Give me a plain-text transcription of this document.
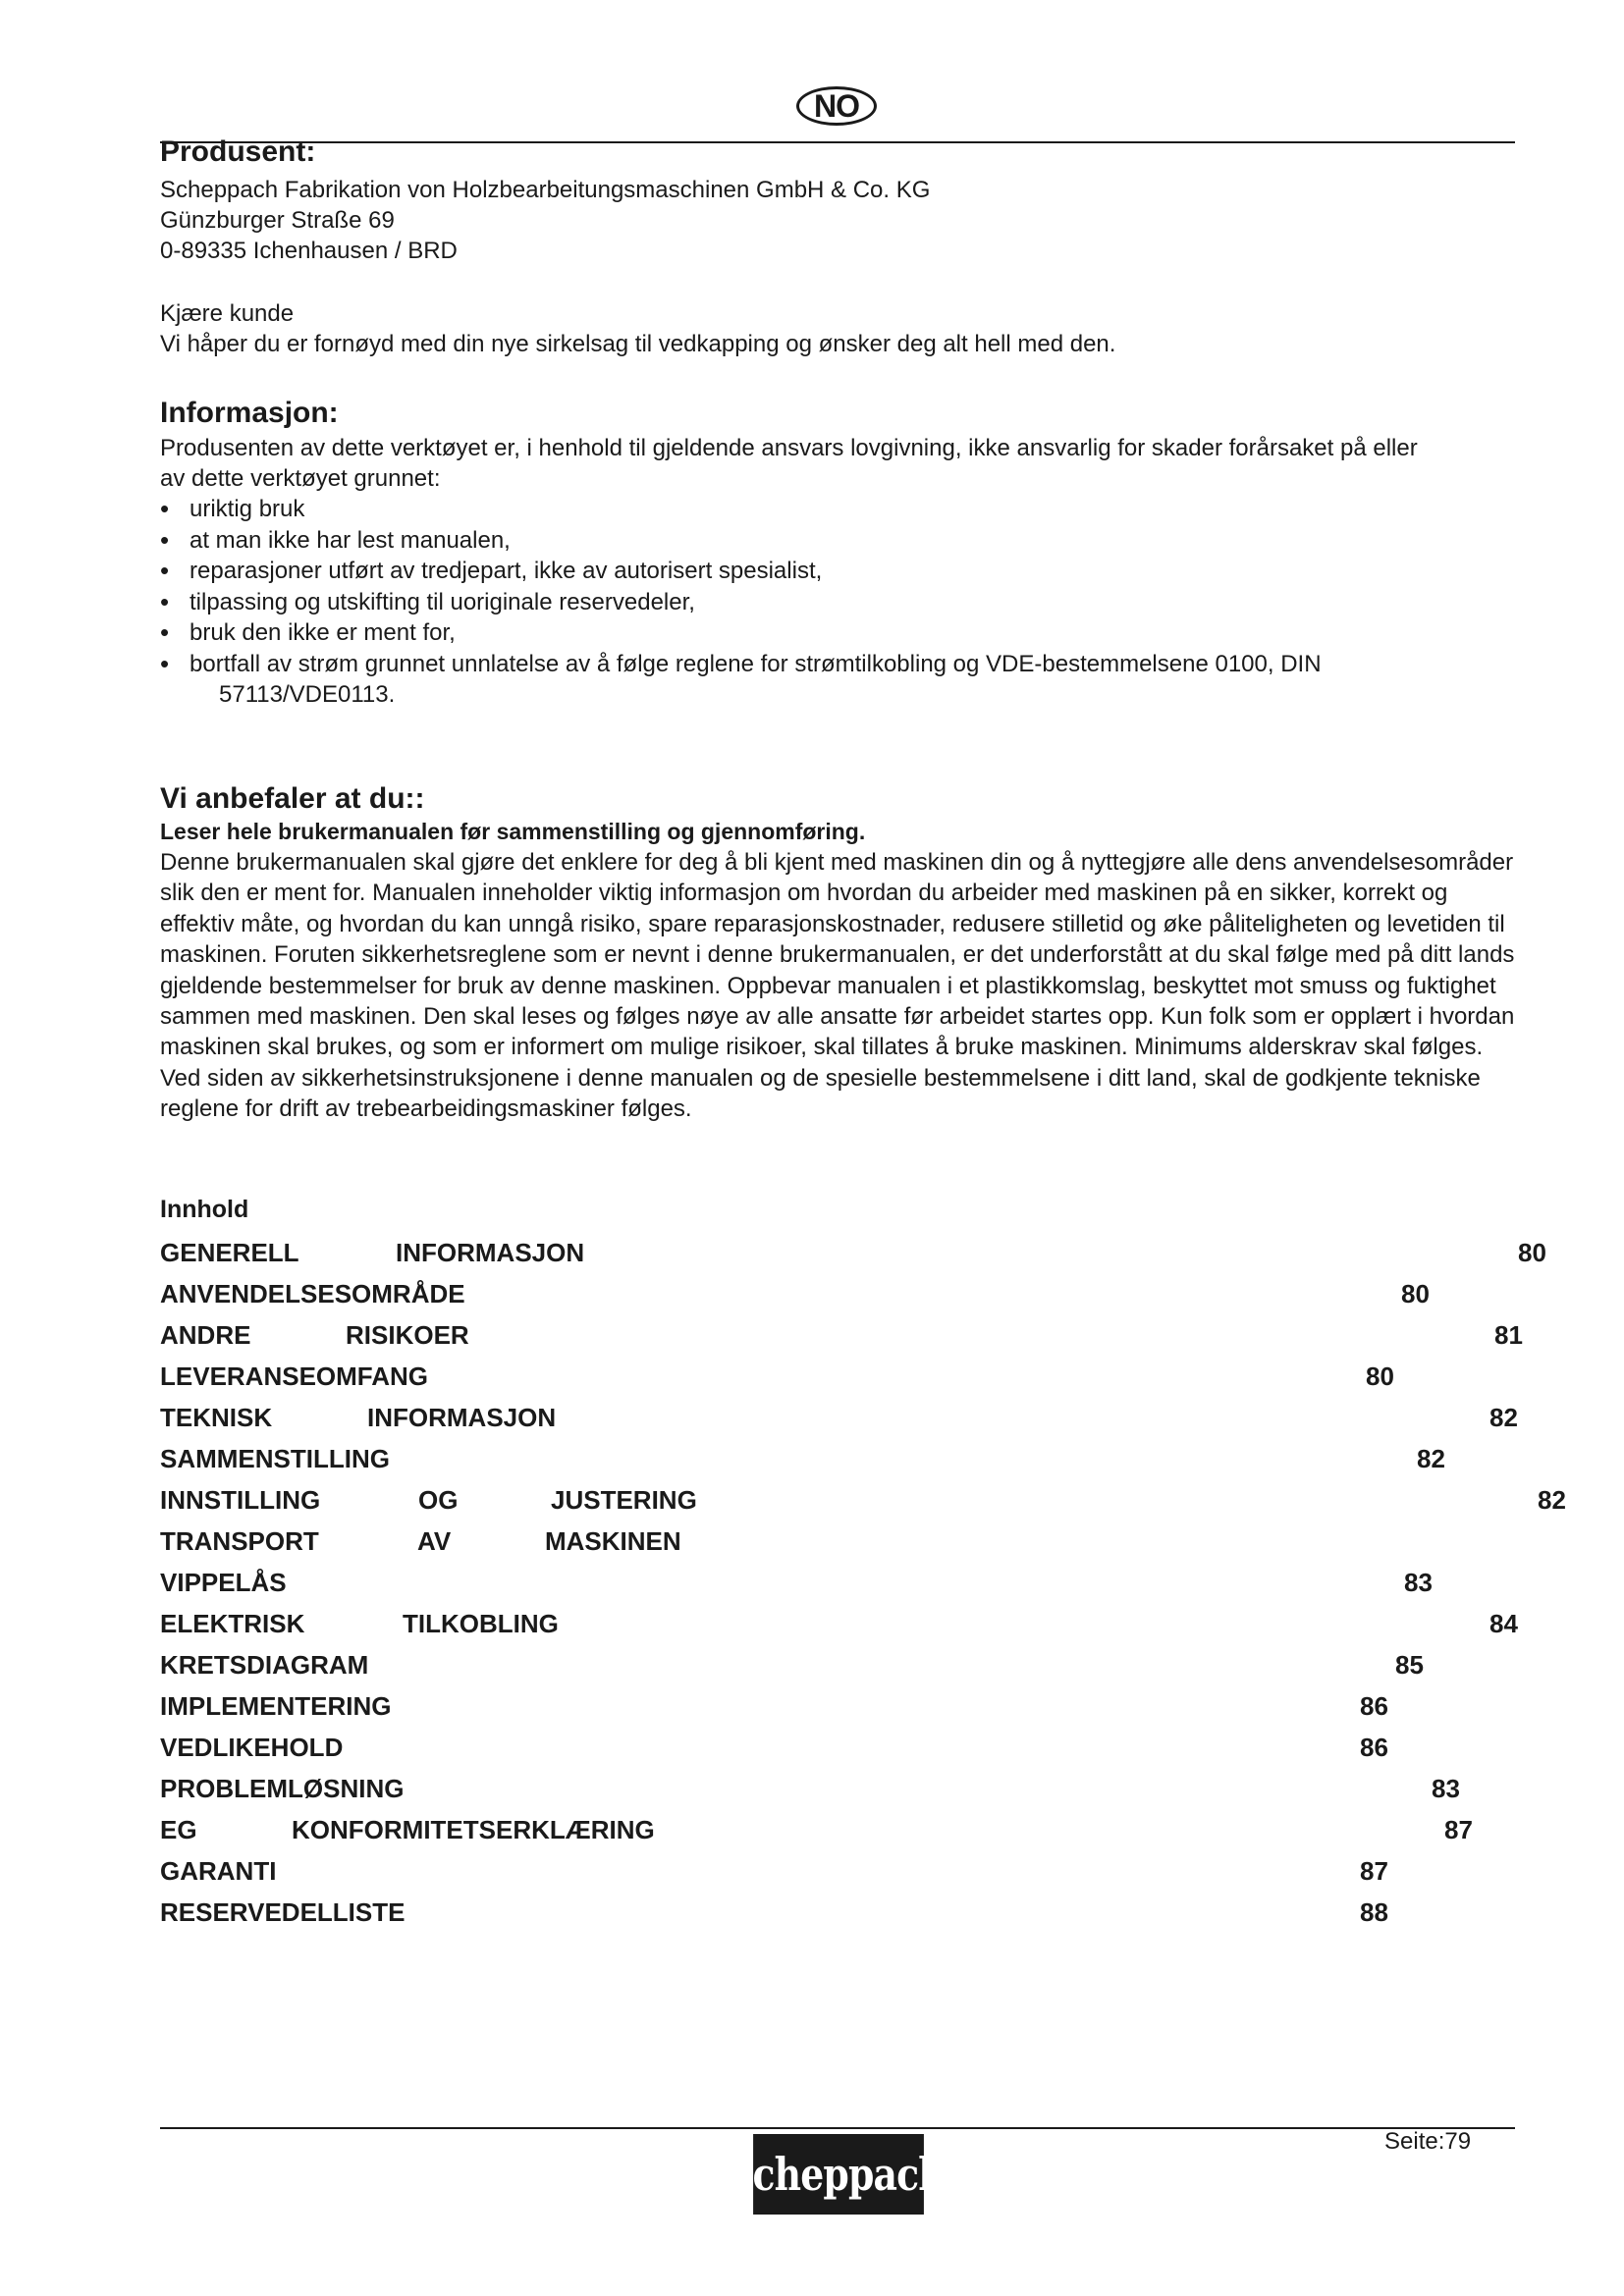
NO
Produsent:
Scheppach Fabrikation von Holzbearbeitungsmaschinen GmbH & Co. KG
Günzburger Straße 69
0-89335 Ichenhausen / BRD
Kjære kunde
Vi håper du er fornøyd med din nye sirkelsag til vedkapping og ønsker deg alt hell med den.
Informasjon:
Produsenten av dette verktøyet er, i henhold til gjeldende ansvars lovgivning, ikke ansvarlig for skader forårsaket på eller
av dette verktøyet grunnet:
• uriktig bruk
• at man ikke har lest manualen,
• reparasjoner utført av tredjepart, ikke av autorisert spesialist,
• tilpassing og utskifting til uoriginale reservedeler,
• bruk den ikke er ment for,
• bortfall av strøm grunnet unnlatelse av å følge reglene for strømtilkobling og VDE-bestemmelsene 0100, DIN
57113/VDE0113.
Vi anbefaler at du::
Leser hele brukermanualen før sammenstilling og gjennomføring.

Denne brukermanualen skal gjøre det enklere for deg å bli kjent med maskinen din og å nyttegjøre alle dens anvendelsesområder slik den er ment for. Manualen inneholder viktig informasjon om hvordan du arbeider med maskinen på en sikker, korrekt og effektiv måte, og hvordan du kan unngå risiko, spare reparasjonskostnader, redusere stilletid og øke påliteligheten og levetiden til maskinen. Foruten sikkerhetsreglene som er nevnt i denne brukermanualen, er det underforstått at du skal følge med på ditt lands gjeldende bestemmelser for bruk av denne maskinen. Oppbevar manualen i et plastikkomslag, beskyttet mot smuss og fuktighet sammen med maskinen. Den skal leses og følges nøye av alle ansatte før arbeidet startes opp. Kun folk som er opplært i hvordan maskinen skal brukes, og som er informert om mulige risikoer, skal tillates å bruke maskinen. Minimums alderskrav skal følges. Ved siden av sikkerhetsinstruksjonene i denne manualen og de spesielle bestemmelsene i ditt land, skal de godkjente tekniske reglene for drift av trebearbeidingsmaskiner følges.

Innhold
GENERELL	INFORMASJON	80
ANVENDELSESOMRÅDE	80
ANDRE	RISIKOER	81
LEVERANSEOMFANG	80
TEKNISK	INFORMASJON	82
SAMMENSTILLING	82
INNSTILLING	OG	JUSTERING	82
TRANSPORT	AV	MASKINEN
VIPPELÅS	83
ELEKTRISK	TILKOBLING	84
KRETSDIAGRAM	85
IMPLEMENTERING	86
VEDLIKEHOLD	86
PROBLEMLØSNING	83
EG	KONFORMITETSERKLÆRING	87
GARANTI	87
RESERVEDELLISTE	88
Seite:79
scheppach
